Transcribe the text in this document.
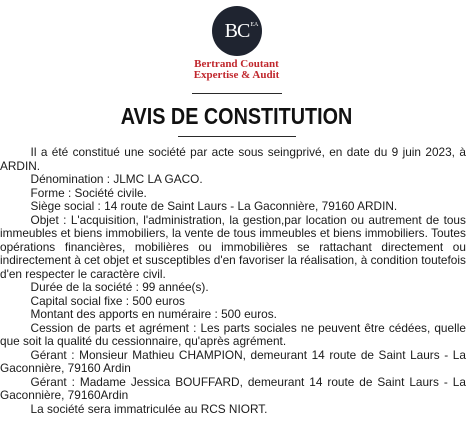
BC EA
Bertrand Coutant
Expertise & Audit
AVIS DE CONSTITUTION

Il a été constitué une société par acte sous seingprivé, en date du 9 juin 2023, à ARDIN.

Dénomination : JLMC LA GACO.

Forme : Société civile.

Siège social : 14 route de Saint Laurs - La Gaconnière, 79160 ARDIN.

Objet : L'acquisition, l'administration, la gestion,par location ou autrement de tous immeubles et biens immobiliers, la vente de tous immeubles et biens immobiliers. Toutes opérations financières, mobilières ou immobilières se rattachant directement ou indirectement à cet objet et susceptibles d'en favoriser la réalisation, à condition toutefois d'en respecter le caractère civil.

Durée de la société : 99 année(s).

Capital social fixe : 500 euros

Montant des apports en numéraire : 500 euros.

Cession de parts et agrément : Les parts sociales ne peuvent être cédées, quelle que soit la qualité du cessionnaire, qu'après agrément.

Gérant : Monsieur Mathieu CHAMPION, demeurant 14 route de Saint Laurs - La Gaconnière, 79160 Ardin

Gérant : Madame Jessica BOUFFARD, demeurant 14 route de Saint Laurs - La Gaconnière, 79160Ardin

La société sera immatriculée au RCS NIORT.
